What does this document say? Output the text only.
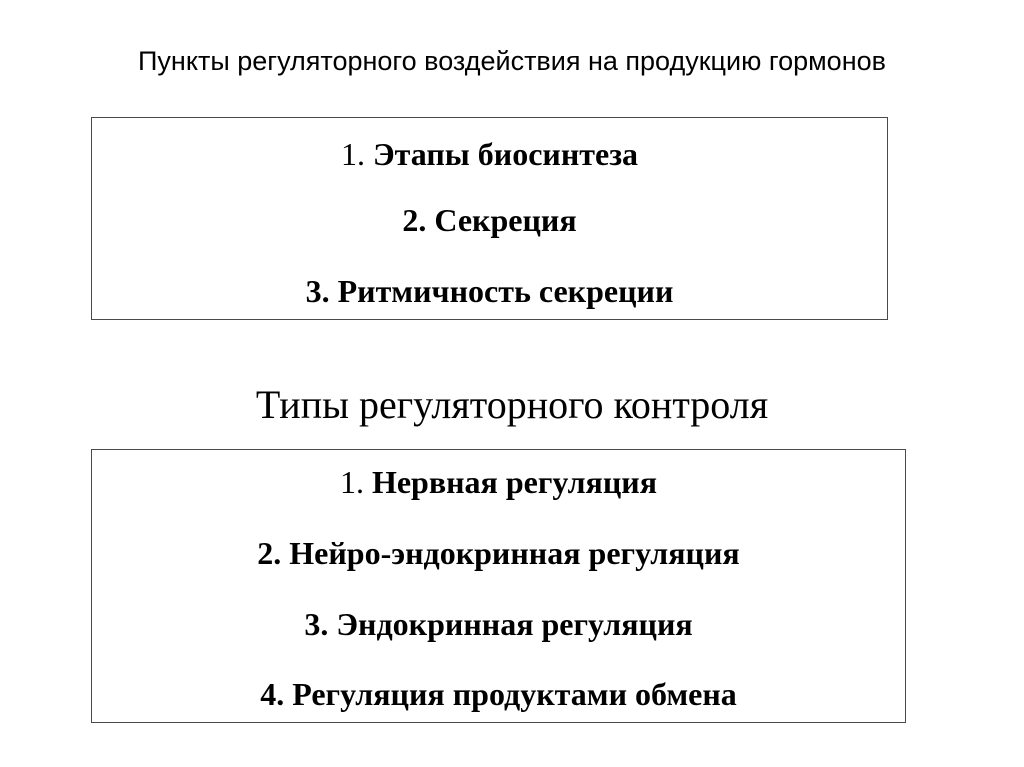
Пункты регуляторного воздействия на продукцию гормонов
1. Этапы биосинтеза
2. Секреция
3. Ритмичность секреции
Типы регуляторного контроля
1. Нервная регуляция
2. Нейро-эндокринная регуляция
3. Эндокринная регуляция
4. Регуляция продуктами обмена
